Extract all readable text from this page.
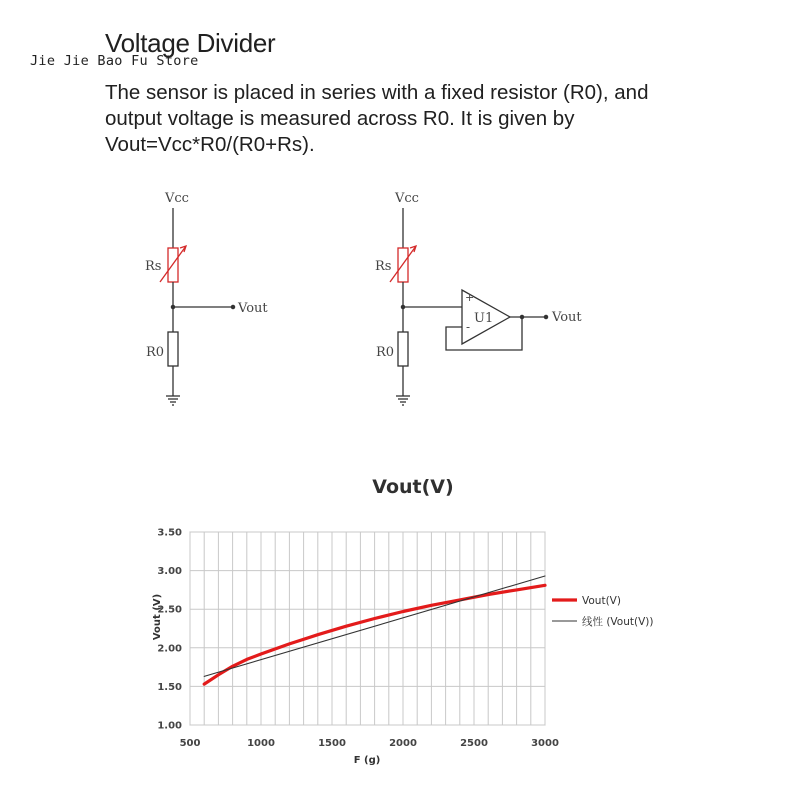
Jie Jie Bao Fu Store
Voltage Divider
The sensor is placed in series with a fixed resistor (R0), and
output voltage is measured across R0. It is given by
Vout=Vcc*R0/(R0+Rs).
Vcc
Rs
R0
Vout
Vcc
Rs
R0
+
-
U1	Vout
Vout(V)
500	1000	1500	2000	2500	3000
1.00
1.50
2.00
2.50
3.00
3.50
Vout(V)
线性 (Vout(V))
F (g)
Vout (V)
